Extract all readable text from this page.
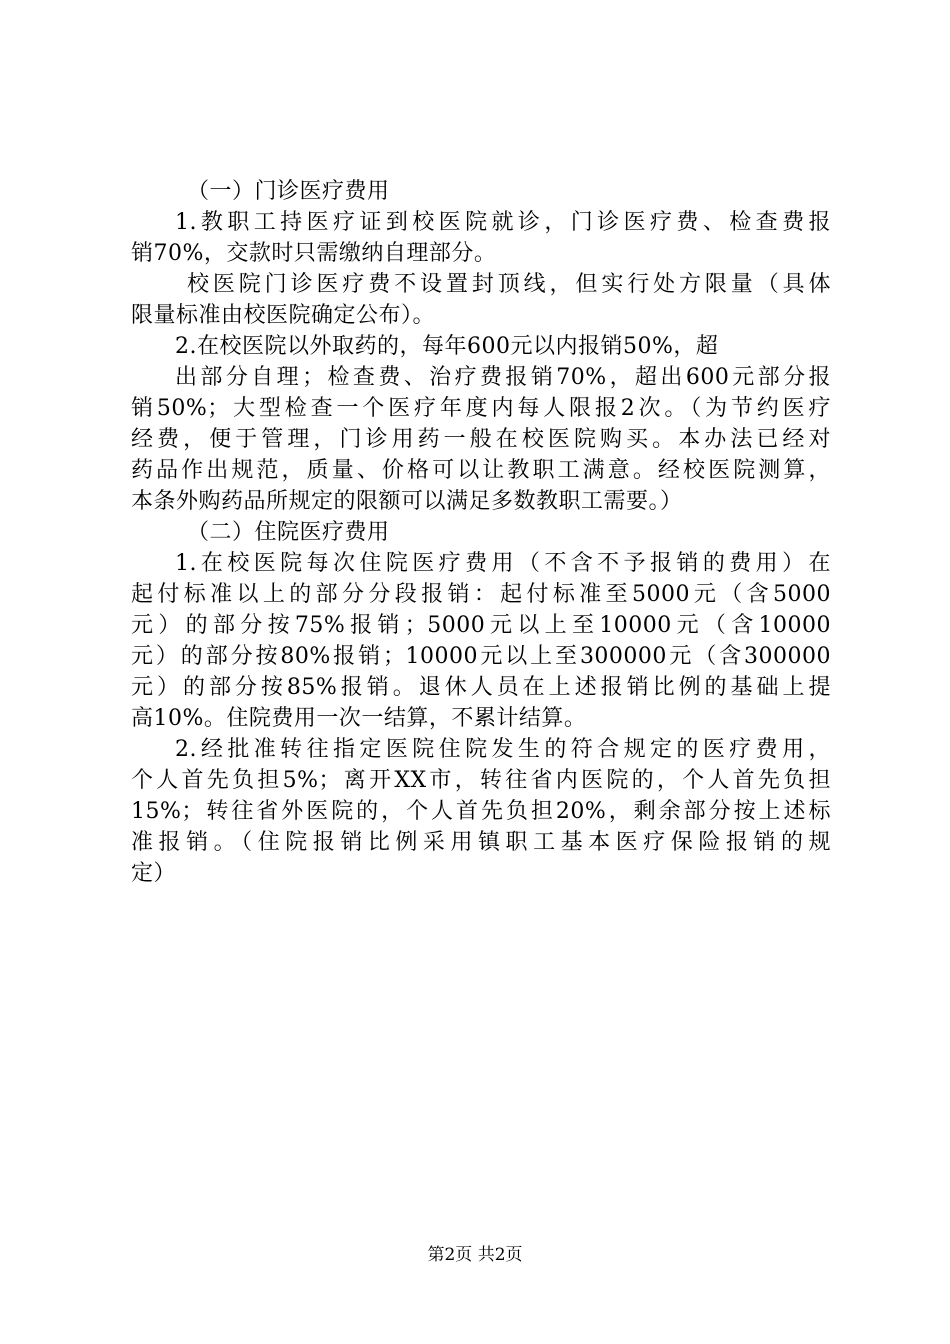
（一）门诊医疗费用
1.教职工持医疗证到校医院就诊，门诊医疗费、检查费报
销70%，交款时只需缴纳自理部分。
校医院门诊医疗费不设置封顶线，但实行处方限量（具体
限量标准由校医院确定公布）。
2.在校医院以外取药的，每年600元以内报销50%，超
出部分自理；检查费、治疗费报销70%，超出600元部分报
销50%；大型检查一个医疗年度内每人限报2次。（为节约医疗
经费，便于管理，门诊用药一般在校医院购买。本办法已经对
药品作出规范，质量、价格可以让教职工满意。经校医院测算，
本条外购药品所规定的限额可以满足多数教职工需要。）
（二）住院医疗费用
1.在校医院每次住院医疗费用（不含不予报销的费用）在
起付标准以上的部分分段报销：起付标准至5000元（含5000
元）的部分按75%报销；5000元以上至10000元（含10000
元）的部分按80%报销；10000元以上至300000元（含300000
元）的部分按85%报销。退休人员在上述报销比例的基础上提
高10%。住院费用一次一结算，不累计结算。
2.经批准转往指定医院住院发生的符合规定的医疗费用，
个人首先负担5%；离开XX市，转往省内医院的，个人首先负担
15%；转往省外医院的，个人首先负担20%，剩余部分按上述标
准报销。（住院报销比例采用镇职工基本医疗保险报销的规
定）
第2页 共2页
